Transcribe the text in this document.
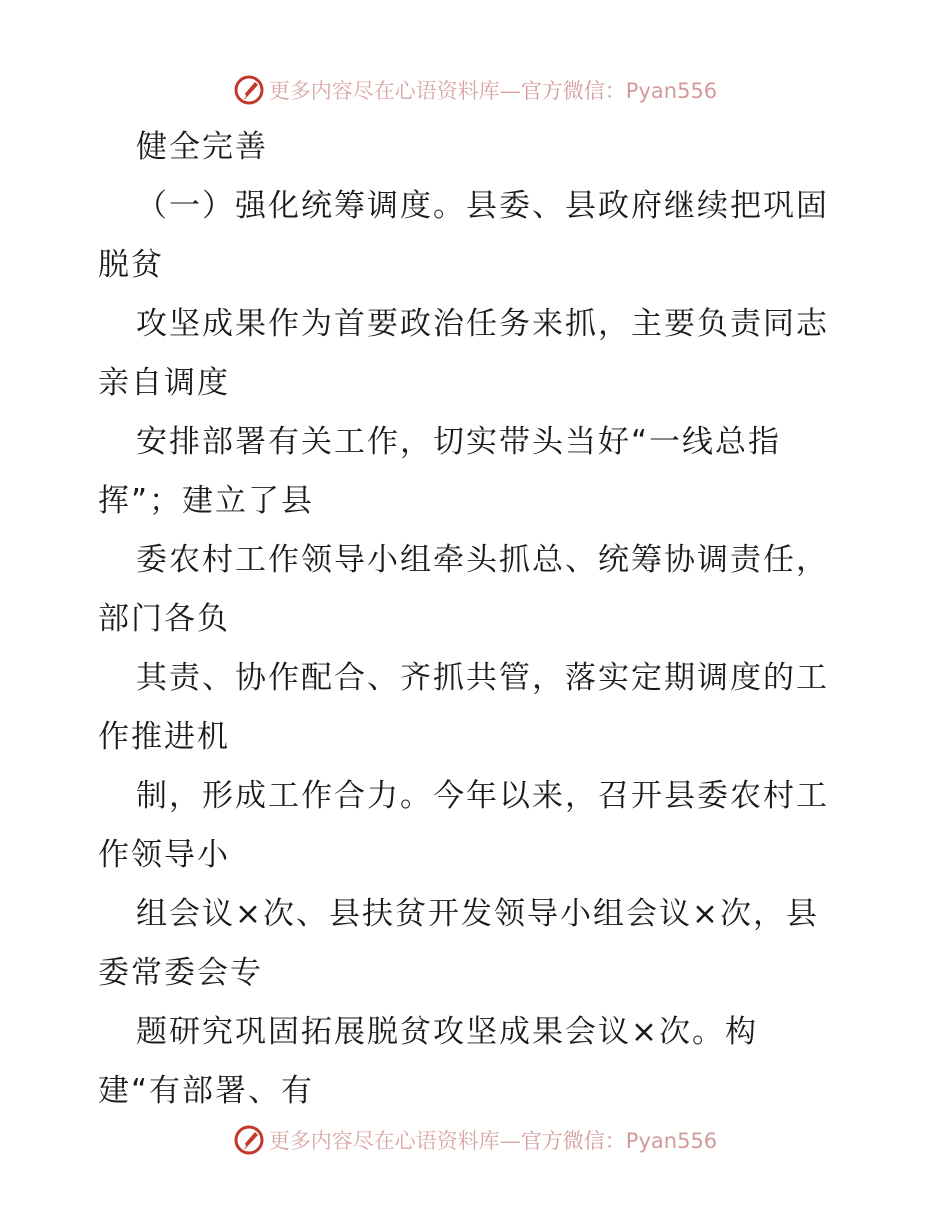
更多内容尽在心语资料库— 官方微信：Pyan556
健全完善
（一）强化统筹调度。县委、县政府继续把巩固
脱贫
攻坚成果作为首要政治任务来抓，主要负责同志
亲自调度
安排部署有关工作，切实带头当好“一线总指
挥”；建立了县
委农村工作领导小组牵头抓总、统筹协调责任，
部门各负
其责、协作配合、齐抓共管，落实定期调度的工
作推进机
制，形成工作合力。今年以来，召开县委农村工
作领导小
组会议×次、县扶贫开发领导小组会议×次，县
委常委会专
题研究巩固拓展脱贫攻坚成果会议×次。构
建“有部署、有
更多内容尽在心语资料库— 官方微信：Pyan556
